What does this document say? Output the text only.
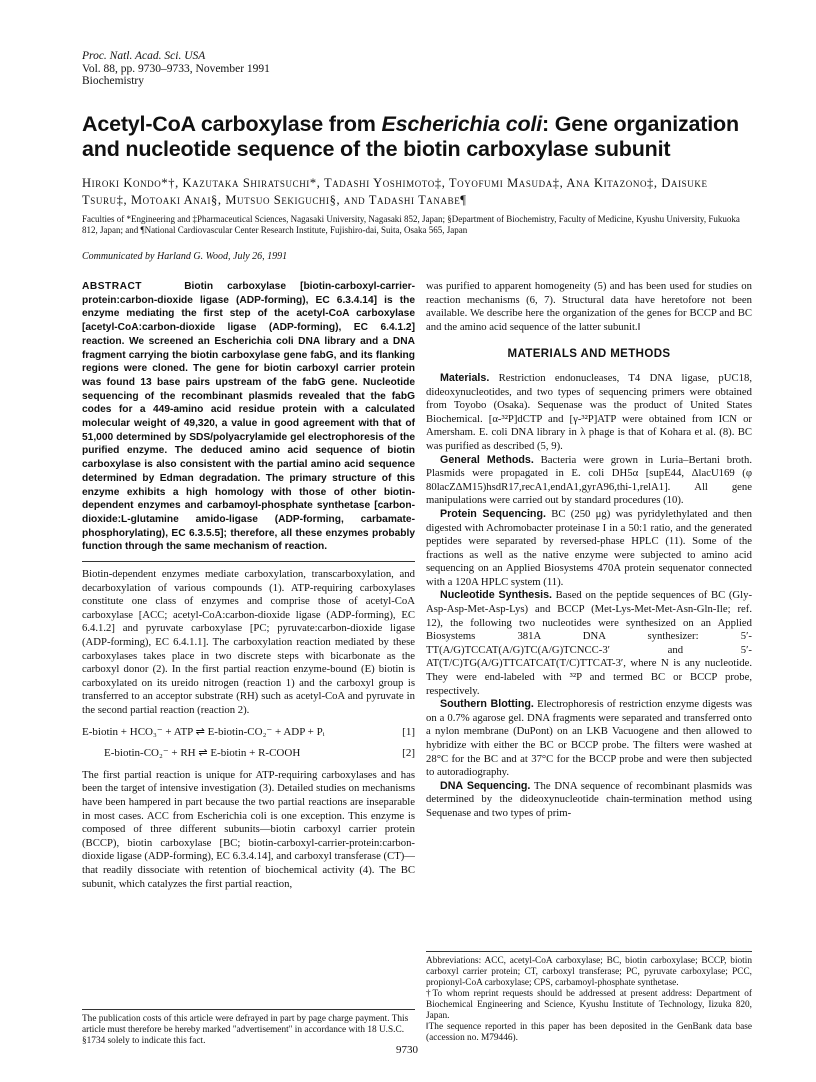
Proc. Natl. Acad. Sci. USA
Vol. 88, pp. 9730–9733, November 1991
Biochemistry
Acetyl-CoA carboxylase from Escherichia coli: Gene organization and nucleotide sequence of the biotin carboxylase subunit
Hiroki Kondo*†, Kazutaka Shiratsuchi*, Tadashi Yoshimoto‡, Toyofumi Masuda‡, Ana Kitazono‡, Daisuke Tsuru‡, Motoaki Anai§, Mutsuo Sekiguchi§, and Tadashi Tanabe¶
Faculties of *Engineering and ‡Pharmaceutical Sciences, Nagasaki University, Nagasaki 852, Japan; §Department of Biochemistry, Faculty of Medicine, Kyushu University, Fukuoka 812, Japan; and ¶National Cardiovascular Center Research Institute, Fujishiro-dai, Suita, Osaka 565, Japan
Communicated by Harland G. Wood, July 26, 1991

ABSTRACT	Biotin carboxylase [biotin-carboxyl-carrier-protein:carbon-dioxide ligase (ADP-forming), EC 6.3.4.14] is the enzyme mediating the first step of the acetyl-CoA carboxylase [acetyl-CoA:carbon-dioxide ligase (ADP-forming), EC 6.4.1.2] reaction. We screened an Escherichia coli DNA library and a DNA fragment carrying the biotin carboxylase gene fabG, and its flanking regions were cloned. The gene for biotin carboxyl carrier protein was found 13 base pairs upstream of the fabG gene. Nucleotide sequencing of the recombinant plasmids revealed that the fabG codes for a 449-amino acid residue protein with a calculated molecular weight of 49,320, a value in good agreement with that of 51,000 determined by SDS/polyacrylamide gel electrophoresis of the purified enzyme. The deduced amino acid sequence of biotin carboxylase is also consistent with the partial amino acid sequence determined by Edman degradation. The primary structure of this enzyme exhibits a high homology with those of other biotin-dependent enzymes and carbamoyl-phosphate synthetase [carbon-dioxide:L-glutamine amido-ligase (ADP-forming, carbamate-phosphorylating), EC 6.3.5.5]; therefore, all these enzymes probably function through the same mechanism of reaction.

Biotin-dependent enzymes mediate carboxylation, transcarboxylation, and decarboxylation of various compounds (1). ATP-requiring carboxylases constitute one class of enzymes and comprise those of acetyl-CoA carboxylase [ACC; acetyl-CoA:carbon-dioxide ligase (ADP-forming), EC 6.4.1.2] and pyruvate carboxylase [PC; pyruvate:carbon-dioxide ligase (ADP-forming), EC 6.4.1.1]. The carboxylation reaction mediated by these carboxylases takes place in two discrete steps with bicarbonate as the carboxyl donor (2). In the first partial reaction enzyme-bound (E) biotin is carboxylated on its ureido nitrogen (reaction 1) and the carboxyl group is transferred to an acceptor substrate (RH) such as acetyl-CoA and pyruvate in the second partial reaction (reaction 2).

E-biotin + HCO₃⁻ + ATP ⇌ E-biotin-CO₂⁻ + ADP + Pᵢ	[1]
E-biotin-CO₂⁻ + RH ⇌ E-biotin + R-COOH	[2]

The first partial reaction is unique for ATP-requiring carboxylases and has been the target of intensive investigation (3). Detailed studies on mechanisms have been hampered in part because the two partial reactions are inseparable in most cases. ACC from Escherichia coli is one exception. This enzyme is composed of three different subunits—biotin carboxyl carrier protein (BCCP), biotin carboxylase [BC; biotin-carboxyl-carrier-protein:carbon-dioxide ligase (ADP-forming), EC 6.3.4.14], and carboxyl transferase (CT)—that readily dissociate with retention of biochemical activity (4). The BC subunit, which catalyzes the first partial reaction,

The publication costs of this article were defrayed in part by page charge payment. This article must therefore be hereby marked "advertisement" in accordance with 18 U.S.C. §1734 solely to indicate this fact.

was purified to apparent homogeneity (5) and has been used for studies on reaction mechanisms (6, 7). Structural data have heretofore not been available. We describe here the organization of the genes for BCCP and BC and the amino acid sequence of the latter subunit.‖

MATERIALS AND METHODS

Materials. Restriction endonucleases, T4 DNA ligase, pUC18, dideoxynucleotides, and two types of sequencing primers were obtained from Toyobo (Osaka). Sequenase was the product of United States Biochemical. [α-³²P]dCTP and [γ-³²P]ATP were obtained from ICN or Amersham. E. coli DNA library in λ phage is that of Kohara et al. (8). BC was purified as described (5, 9).

General Methods. Bacteria were grown in Luria–Bertani broth. Plasmids were propagated in E. coli DH5α [supE44, ΔlacU169 (φ 80lacZΔM15)hsdR17,recA1,endA1,gyrA96,thi-1,relA1]. All gene manipulations were carried out by standard procedures (10).

Protein Sequencing. BC (250 μg) was pyridylethylated and then digested with Achromobacter proteinase I in a 50:1 ratio, and the generated peptides were separated by reversed-phase HPLC (11). Some of the fractions as well as the native enzyme were subjected to amino acid sequencing on an Applied Biosystems 470A protein sequenator connected with a 120A HPLC system (11).

Nucleotide Synthesis. Based on the peptide sequences of BC (Gly-Asp-Asp-Met-Asp-Lys) and BCCP (Met-Lys-Met-Met-Asn-Gln-Ile; ref. 12), the following two nucleotides were synthesized on an Applied Biosystems 381A DNA synthesizer: 5′-TT(A/G)TCCAT(A/G)TC(A/G)TCNCC-3′ and 5′-AT(T/C)TG(A/G)TTCATCAT(T/C)TTCAT-3′, where N is any nucleotide. They were end-labeled with ³²P and termed BC or BCCP probe, respectively.

Southern Blotting. Electrophoresis of restriction enzyme digests was on a 0.7% agarose gel. DNA fragments were separated and transferred onto a nylon membrane (DuPont) on an LKB Vacuogene and then allowed to hybridize with either the BC or BCCP probe. The filters were washed at 28°C for the BC and at 37°C for the BCCP probe and were then subjected to autoradiography.

DNA Sequencing. The DNA sequence of recombinant plasmids was determined by the dideoxynucleotide chain-termination method using Sequenase and two types of prim-

Abbreviations: ACC, acetyl-CoA carboxylase; BC, biotin carboxylase; BCCP, biotin carboxyl carrier protein; CT, carboxyl transferase; PC, pyruvate carboxylase; PCC, propionyl-CoA carboxylase; CPS, carbamoyl-phosphate synthetase.

†To whom reprint requests should be addressed at present address: Department of Biochemical Engineering and Science, Kyushu Institute of Technology, Iizuka 820, Japan.

‖The sequence reported in this paper has been deposited in the GenBank data base (accession no. M79446).

9730
